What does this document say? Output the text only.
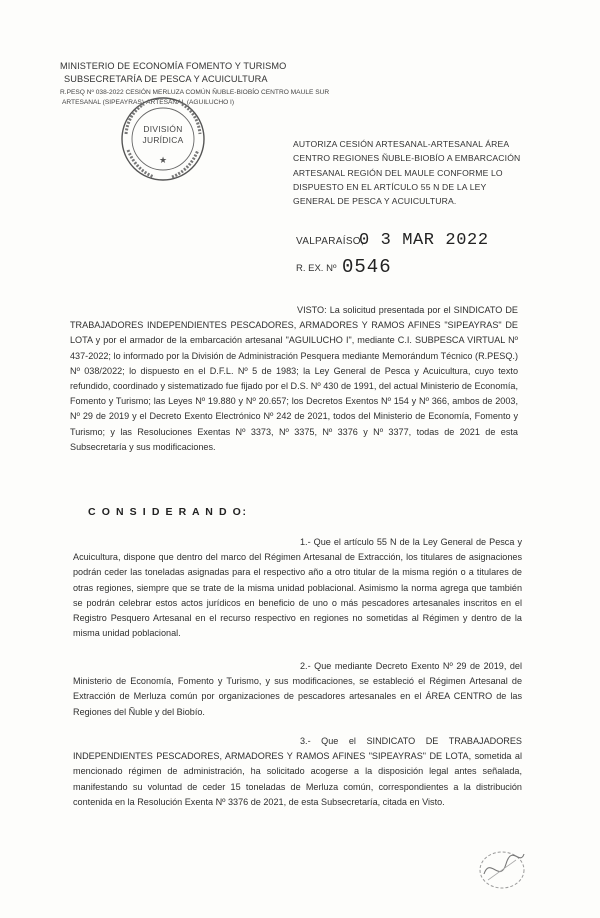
MINISTERIO DE ECONOMÍA FOMENTO Y TURISMO
SUBSECRETARÍA DE PESCA Y ACUICULTURA
R.PESQ Nº 038-2022 CESIÓN MERLUZA COMÚN ÑUBLE-BIOBÍO CENTRO MAULE SUR
ARTESANAL (SIPEAYRAS)-ARTESANAL (AGUILUCHO I)
★
DIVISIÓN
JURÍDICA	AUTORIZA CESIÓN ARTESANAL-ARTESANAL ÁREA CENTRO REGIONES ÑUBLE-BIOBÍO A EMBARCACIÓN ARTESANAL REGIÓN DEL MAULE CONFORME LO DISPUESTO EN EL ARTÍCULO 55 N DE LA LEY GENERAL DE PESCA Y ACUICULTURA.
VALPARAÍSO,
0 3 MAR 2022
R. EX. Nº 0546
VISTO: La solicitud presentada por el SINDICATO DE TRABAJADORES INDEPENDIENTES PESCADORES, ARMADORES Y RAMOS AFINES "SIPEAYRAS" DE LOTA y por el armador de la embarcación artesanal "AGUILUCHO I", mediante C.I. SUBPESCA VIRTUAL Nº 437-2022; lo informado por la División de Administración Pesquera mediante Memorándum Técnico (R.PESQ.) Nº 038/2022; lo dispuesto en el D.F.L. Nº 5 de 1983; la Ley General de Pesca y Acuicultura, cuyo texto refundido, coordinado y sistematizado fue fijado por el D.S. Nº 430 de 1991, del actual Ministerio de Economía, Fomento y Turismo; las Leyes Nº 19.880 y Nº 20.657; los Decretos Exentos Nº 154 y Nº 366, ambos de 2003, Nº 29 de 2019 y el Decreto Exento Electrónico Nº 242 de 2021, todos del Ministerio de Economía, Fomento y Turismo; y las Resoluciones Exentas Nº 3373, Nº 3375, Nº 3376 y Nº 3377, todas de 2021 de esta Subsecretaría y sus modificaciones.
C O N S I D E R A N D O:
1.- Que el artículo 55 N de la Ley General de Pesca y Acuicultura, dispone que dentro del marco del Régimen Artesanal de Extracción, los titulares de asignaciones podrán ceder las toneladas asignadas para el respectivo año a otro titular de la misma región o a titulares de otras regiones, siempre que se trate de la misma unidad poblacional. Asimismo la norma agrega que también se podrán celebrar estos actos jurídicos en beneficio de uno o más pescadores artesanales inscritos en el Registro Pesquero Artesanal en el recurso respectivo en regiones no sometidas al Régimen y dentro de la misma unidad poblacional.
2.- Que mediante Decreto Exento Nº 29 de 2019, del Ministerio de Economía, Fomento y Turismo, y sus modificaciones, se estableció el Régimen Artesanal de Extracción de Merluza común por organizaciones de pescadores artesanales en el ÁREA CENTRO de las Regiones del Ñuble y del Biobío.
3.- Que el SINDICATO DE TRABAJADORES INDEPENDIENTES PESCADORES, ARMADORES Y RAMOS AFINES "SIPEAYRAS" DE LOTA, sometida al mencionado régimen de administración, ha solicitado acogerse a la disposición legal antes señalada, manifestando su voluntad de ceder 15 toneladas de Merluza común, correspondientes a la distribución contenida en la Resolución Exenta Nº 3376 de 2021, de esta Subsecretaría, citada en Visto.
